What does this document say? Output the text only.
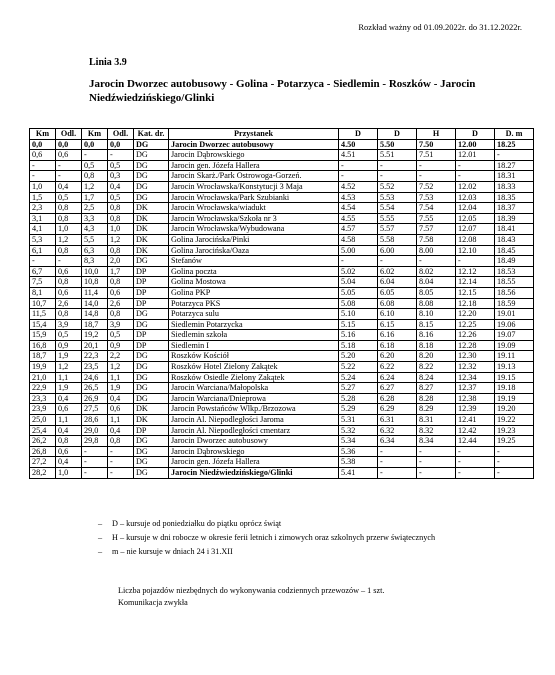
Rozkład ważny od 01.09.2022r. do 31.12.2022r.
Linia 3.9
Jarocin Dworzec autobusowy - Golina - Potarzyca - Siedlemin - Roszków - Jarocin Niedźwiedzińskiego/Glinki
Km	Odl.	Km	Odl.	Kat. dr.	Przystanek	D	D	H	D	D. m
0,0	0,0	0,0	0,0	DG	Jarocin Dworzec autobusowy	4.50	5.50	7.50	12.00	18.25
0,6	0,6	-	-	DG	Jarocin Dąbrowskiego	4.51	5.51	7.51	12.01	-
-	-	0,5	0,5	DG	Jarocin gen. Józefa Hallera	-	-	-	-	18.27
-	-	0,8	0,3	DG	Jarocin Skarż./Park Ostrowoga-Gorzeń.	-	-	-	-	18.31
1,0	0,4	1,2	0,4	DG	Jarocin Wrocławska/Konstytucji 3 Maja	4.52	5.52	7.52	12.02	18.33
1,5	0,5	1,7	0,5	DG	Jarocin Wrocławska/Park Szubianki	4.53	5.53	7.53	12.03	18.35
2,3	0,8	2,5	0,8	DK	Jarocin Wrocławska/wiadukt	4.54	5.54	7.54	12.04	18.37
3,1	0,8	3,3	0,8	DK	Jarocin Wrocławska/Szkoła nr 3	4.55	5.55	7.55	12.05	18.39
4,1	1,0	4,3	1,0	DK	Jarocin Wrocławska/Wybudowana	4.57	5.57	7.57	12.07	18.41
5,3	1,2	5,5	1,2	DK	Golina Jarocińska/Pinki	4.58	5.58	7.58	12.08	18.43
6,1	0,8	6,3	0,8	DK	Golina Jarocińska/Oaza	5.00	6.00	8.00	12.10	18.45
-	-	8,3	2,0	DG	Stefanów	-	-	-	-	18.49
6,7	0,6	10,0	1,7	DP	Golina poczta	5.02	6.02	8.02	12.12	18.53
7,5	0,8	10,8	0,8	DP	Golina Mostowa	5.04	6.04	8.04	12.14	18.55
8,1	0,6	11,4	0,6	DP	Golina PKP	5.05	6.05	8.05	12.15	18.56
10,7	2,6	14,0	2,6	DP	Potarzyca PKS	5.08	6.08	8.08	12.18	18.59
11,5	0,8	14,8	0,8	DG	Potarzyca sulu	5.10	6.10	8.10	12.20	19.01
15,4	3,9	18,7	3,9	DG	Siedlemin Potarzycka	5.15	6.15	8.15	12.25	19.06
15,9	0,5	19,2	0,5	DP	Siedlemin szkoła	5.16	6.16	8.16	12.26	19.07
16,8	0,9	20,1	0,9	DP	Siedlemin I	5.18	6.18	8.18	12.28	19.09
18,7	1,9	22,3	2,2	DG	Roszków Kościół	5.20	6.20	8.20	12.30	19.11
19,9	1,2	23,5	1,2	DG	Roszków Hotel Zielony Zakątek	5.22	6.22	8.22	12.32	19.13
21,0	1,1	24,6	1,1	DG	Roszków Osiedle Zielony Zakątek	5.24	6.24	8.24	12.34	19.15
22,9	1,9	26,5	1,9	DG	Jarocin Warciana/Małopolska	5.27	6.27	8.27	12.37	19.18
23,3	0,4	26,9	0,4	DG	Jarocin Warciana/Dnieprowa	5.28	6.28	8.28	12.38	19.19
23,9	0,6	27,5	0,6	DK	Jarocin Powstańców Wlkp./Brzozowa	5.29	6.29	8.29	12.39	19.20
25,0	1,1	28,6	1,1	DK	Jarocin Al. Niepodległości Jaroma	5.31	6.31	8.31	12.41	19.22
25,4	0,4	29,0	0,4	DP	Jarocin Al. Niepodległości cmentarz	5.32	6.32	8.32	12.42	19.23
26,2	0,8	29,8	0,8	DG	Jarocin Dworzec autobusowy	5.34	6.34	8.34	12.44	19.25
26,8	0,6	-	-	DG	Jarocin Dąbrowskiego	5.36	-	-	-	-
27,2	0,4	-	-	DG	Jarocin gen. Józefa Hallera	5.38	-	-	-	-
28,2	1,0	-	-	DG	Jarocin Niedźwiedzińskiego/Glinki	5.41	-	-	-	-
–	D – kursuje od poniedziałku do piątku oprócz świąt
–	H – kursuje w dni robocze w okresie ferii letnich i zimowych oraz szkolnych przerw świątecznych
–	m – nie kursuje w dniach 24 i 31.XII
Liczba pojazdów niezbędnych do wykonywania codziennych przewozów – 1 szt.
Komunikacja zwykła
